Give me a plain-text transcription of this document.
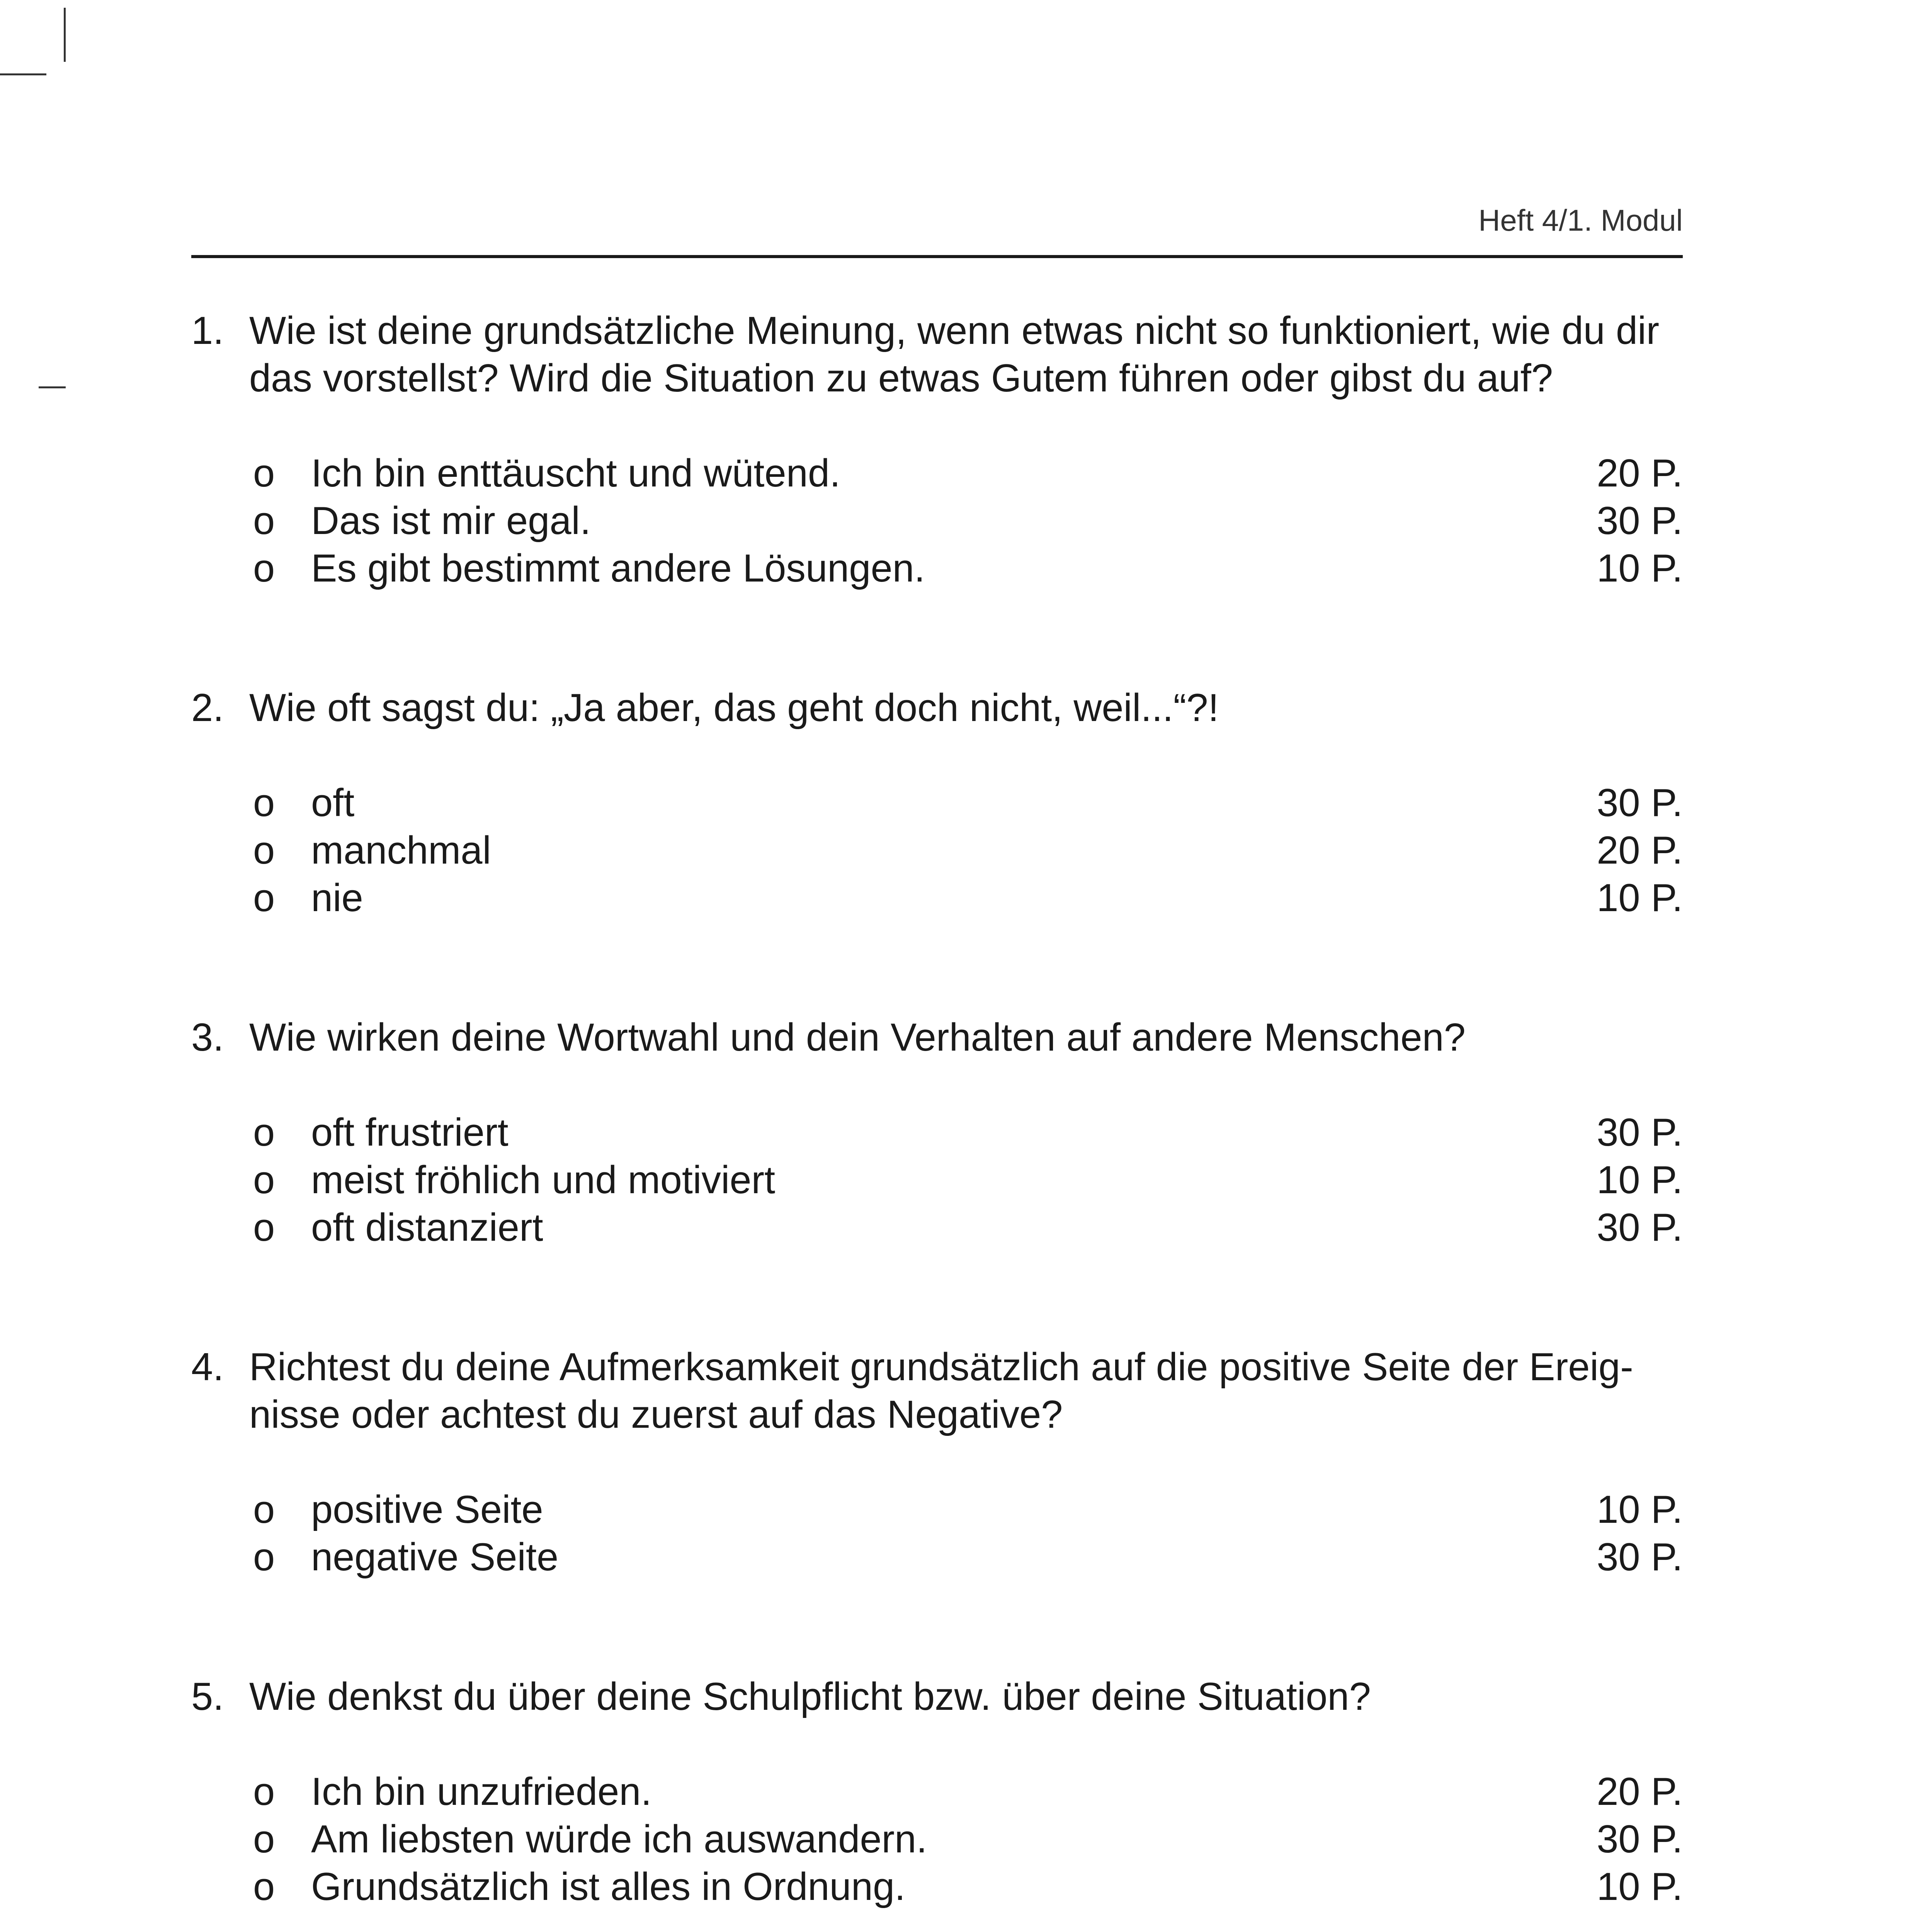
Heft 4/1. Modul
1. Wie ist deine grundsätzliche Meinung, wenn etwas nicht so funktioniert, wie du dir das vorstellst? Wird die Situation zu etwas Gutem führen oder gibst du auf?
o Ich bin enttäuscht und wütend.	20 P.
o Das ist mir egal.	30 P.
o Es gibt bestimmt andere Lösungen.	10 P.
2. Wie oft sagst du: „Ja aber, das geht doch nicht, weil...“?!
o oft	30 P.
o manchmal	20 P.
o nie	10 P.
3. Wie wirken deine Wortwahl und dein Verhalten auf andere Menschen?
o oft frustriert	30 P.
o meist fröhlich und motiviert	10 P.
o oft distanziert	30 P.
4. Richtest du deine Aufmerksamkeit grundsätzlich auf die positive Seite der Ereig-nisse oder achtest du zuerst auf das Negative?
o positive Seite	10 P.
o negative Seite	30 P.
5. Wie denkst du über deine Schulpflicht bzw. über deine Situation?
o Ich bin unzufrieden.	20 P.
o Am liebsten würde ich auswandern.	30 P.
o Grundsätzlich ist alles in Ordnung.	10 P.
